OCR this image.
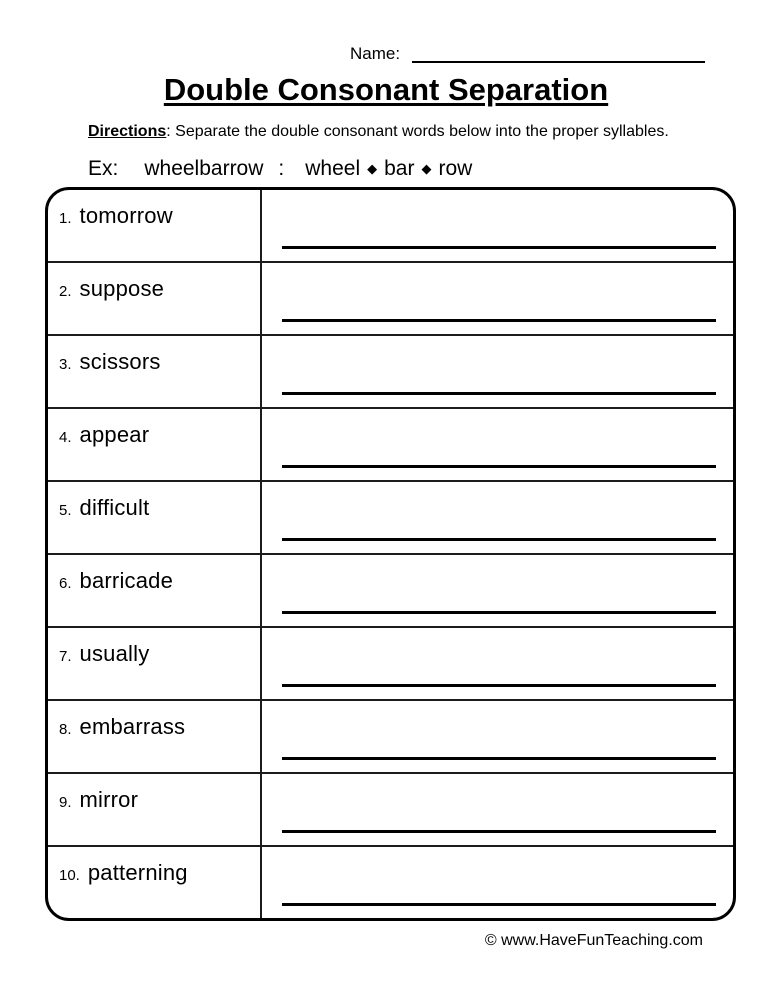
Name:
Double Consonant Separation
Directions: Separate the double consonant words below into the proper syllables.
Ex: wheelbarrow : wheel ◆ bar ◆ row
1. tomorrow
2. suppose
3. scissors
4. appear
5. difficult
6. barricade
7. usually
8. embarrass
9. mirror
10. patterning
© www.HaveFunTeaching.com
